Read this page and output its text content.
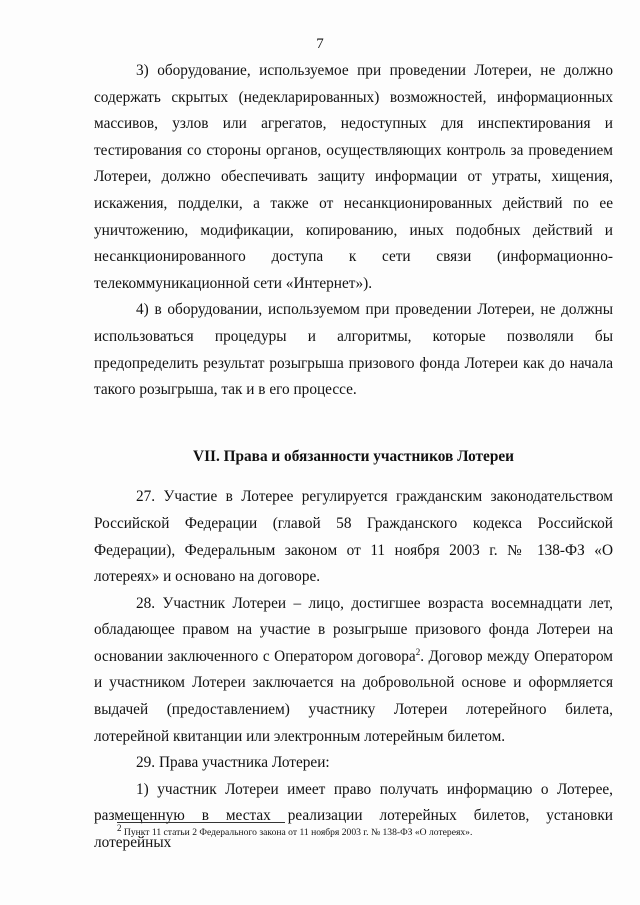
7

3) оборудование, используемое при проведении Лотереи, не должно содержать скрытых (недекларированных) возможностей, информационных массивов, узлов или агрегатов, недоступных для инспектирования и тестирования со стороны органов, осуществляющих контроль за проведением Лотереи, должно обеспечивать защиту информации от утраты, хищения, искажения, подделки, а также от несанкционированных действий по ее уничтожению, модификации, копированию, иных подобных действий и несанкционированного доступа к сети связи (информационно-телекоммуникационной сети «Интернет»).

4) в оборудовании, используемом при проведении Лотереи, не должны использоваться процедуры и алгоритмы, которые позволяли бы предопределить результат розыгрыша призового фонда Лотереи как до начала такого розыгрыша, так и в его процессе.

VII. Права и обязанности участников Лотереи

27. Участие в Лотерее регулируется гражданским законодательством Российской Федерации (главой 58 Гражданского кодекса Российской Федерации), Федеральным законом от 11 ноября 2003 г. № 138-ФЗ «О лотереях» и основано на договоре.

28. Участник Лотереи – лицо, достигшее возраста восемнадцати лет, обладающее правом на участие в розыгрыше призового фонда Лотереи на основании заключенного с Оператором договора$^2$. Договор между Оператором и участником Лотереи заключается на добровольной основе и оформляется выдачей (предоставлением) участнику Лотереи лотерейного билета, лотерейной квитанции или электронным лотерейным билетом.

29. Права участника Лотереи:

1) участник Лотереи имеет право получать информацию о Лотерее, размещенную в местах реализации лотерейных билетов, установки лотерейных

$^2$ Пункт 11 статьи 2 Федерального закона от 11 ноября 2003 г. № 138-ФЗ «О лотереях».
